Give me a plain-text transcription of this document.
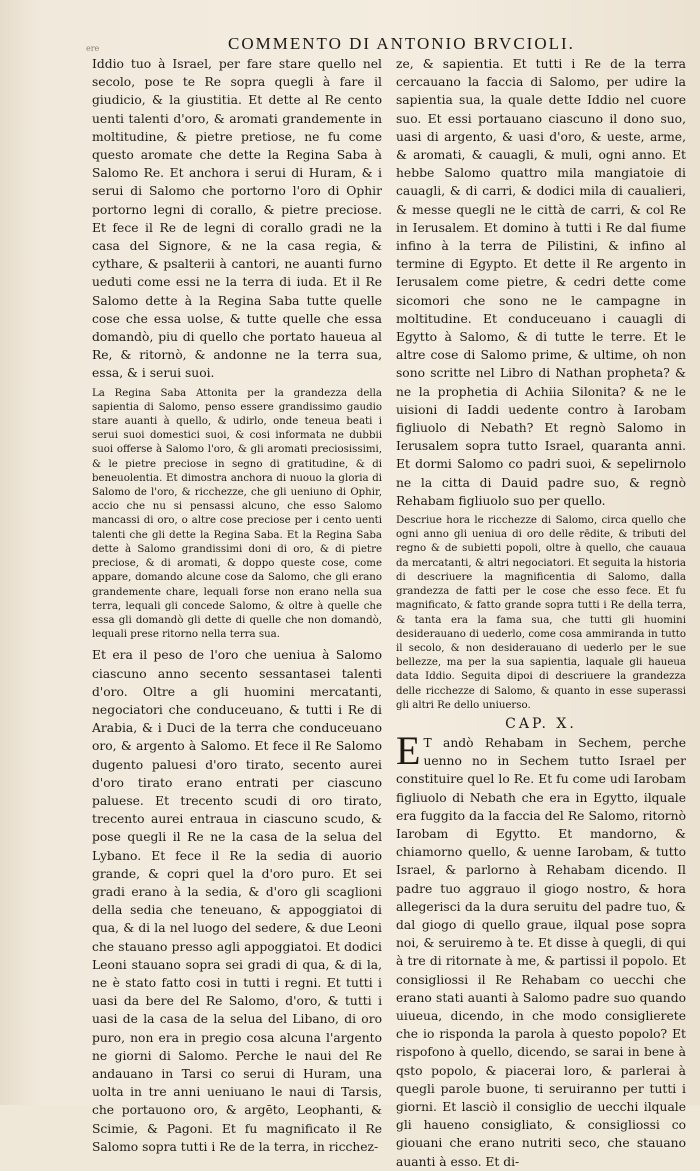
ere	COMMENTO DI ANTONIO BRVCIOLI.

Iddio tuo à Israel, per fare stare quello nel secolo, pose te Re sopra quegli à fare il giudicio, & la giustitia. Et dette al Re cento uenti talenti d'oro, & aromati grandemente in moltitudine, & pietre pretiose, ne fu come questo aromate che dette la Regina Saba à Salomo Re. Et anchora i serui di Huram, & i serui di Salomo che portorno l'oro di Ophir portorno legni di corallo, & pietre preciose. Et fece il Re de legni di corallo gradi ne la casa del Signore, & ne la casa regia, & cythare, & psalterii à cantori, ne auanti furno ueduti come essi ne la terra di iuda. Et il Re Salomo dette à la Regina Saba tutte quelle cose che essa uolse, & tutte quelle che essa domandò, piu di quello che portato haueua al Re, & ritornò, & andonne ne la terra sua, essa, & i serui suoi.

La Regina Saba Attonita per la grandezza della sapientia di Salomo, penso essere grandissimo gaudio stare auanti à quello, & udirlo, onde teneua beati i serui suoi domestici suoi, & cosi informata ne dubbii suoi offerse à Salomo l'oro, & gli aromati preciosissimi, & le pietre preciose in segno di gratitudine, & di beneuolentia. Et dimostra anchora di nuouo la gloria di Salomo de l'oro, & ricchezze, che gli ueniuno di Ophir, accio che nu si pensassi alcuno, che esso Salomo mancassi di oro, o altre cose preciose per i cento uenti talenti che gli dette la Regina Saba. Et la Regina Saba dette à Salomo grandissimi doni di oro, & di pietre preciose, & di aromati, & doppo queste cose, come appare, domando alcune cose da Salomo, che gli erano grandemente chare, lequali forse non erano nella sua terra, lequali gli concede Salomo, & oltre à quelle che essa gli domandò gli dette di quelle che non domandò, lequali prese ritorno nella terra sua.

Et era il peso de l'oro che ueniua à Salomo ciascuno anno secento sessantasei talenti d'oro. Oltre a gli huomini mercatanti, negociatori che conduceuano, & tutti i Re di Arabia, & i Duci de la terra che conduceuano oro, & argento à Salomo. Et fece il Re Salomo dugento paluesi d'oro tirato, secento aurei d'oro tirato erano entrati per ciascuno paluese. Et trecento scudi di oro tirato, trecento aurei entraua in ciascuno scudo, & pose quegli il Re ne la casa de la selua del Lybano. Et fece il Re la sedia di auorio grande, & copri quel la d'oro puro. Et sei gradi erano à la sedia, & d'oro gli scaglioni della sedia che teneuano, & appoggiatoi di qua, & di la nel luogo del sedere, & due Leoni che stauano presso agli appoggiatoi. Et dodici Leoni stauano sopra sei gradi di qua, & di la, ne è stato fatto cosi in tutti i regni. Et tutti i uasi da bere del Re Salomo, d'oro, & tutti i uasi de la casa de la selua del Libano, di oro puro, non era in pregio cosa alcuna l'argento ne giorni di Salomo. Perche le naui del Re andauano in Tarsi co serui di Huram, una uolta in tre anni ueniuano le naui di Tarsis, che portauono oro, & argēto, Leophanti, & Scimie, & Pagoni. Et fu magnificato il Re Salomo sopra tutti i Re de la terra, in ricchez-

ze, & sapientia. Et tutti i Re de la terra cercauano la faccia di Salomo, per udire la sapientia sua, la quale dette Iddio nel cuore suo. Et essi portauano ciascuno il dono suo, uasi di argento, & uasi d'oro, & ueste, arme, & aromati, & cauagli, & muli, ogni anno. Et hebbe Salomo quattro mila mangiatoie di cauagli, & di carri, & dodici mila di caualieri, & messe quegli ne le città de carri, & col Re in Ierusalem. Et domino à tutti i Re dal fiume infino à la terra de Pilistini, & infino al termine di Egypto. Et dette il Re argento in Ierusalem come pietre, & cedri dette come sicomori che sono ne le campagne in moltitudine. Et conduceuano i cauagli di Egytto à Salomo, & di tutte le terre. Et le altre cose di Salomo prime, & ultime, oh non sono scritte nel Libro di Nathan propheta? & ne la prophetia di Achiia Silonita? & ne le uisioni di Iaddi uedente contro à Iarobam figliuolo di Nebath? Et regnò Salomo in Ierusalem sopra tutto Israel, quaranta anni. Et dormi Salomo co padri suoi, & sepelirnolo ne la citta di Dauid padre suo, & regnò Rehabam figliuolo suo per quello.

Descriue hora le ricchezze di Salomo, circa quello che ogni anno gli ueniua di oro delle rēdite, & tributi del regno & de subietti popoli, oltre à quello, che cauaua da mercatanti, & altri negociatori. Et seguita la historia di descriuere la magnificentia di Salomo, dalla grandezza de fatti per le cose che esso fece. Et fu magnificato, & fatto grande sopra tutti i Re della terra, & tanta era la fama sua, che tutti gli huomini desiderauano di uederlo, come cosa ammiranda in tutto il secolo, & non desiderauano di uederlo per le sue bellezze, ma per la sua sapientia, laquale gli haueua data Iddio. Seguita dipoi di descriuere la grandezza delle ricchezze di Salomo, & quanto in esse superassi gli altri Re dello uniuerso.

CAP. X.

E T andò Rehabam in Sechem, perche uenno no in Sechem tutto Israel per constituire quel lo Re. Et fu come udi Iarobam figliuolo di Nebath che era in Egytto, ilquale era fuggito da la faccia del Re Salomo, ritornò Iarobam di Egytto. Et mandorno, & chiamorno quello, & uenne Iarobam, & tutto Israel, & parlorno à Rehabam dicendo. Il padre tuo aggrauo il giogo nostro, & hora allegerisci da la dura seruitu del padre tuo, & dal giogo di quello graue, ilqual pose sopra noi, & seruiremo à te. Et disse à quegli, di qui à tre di ritornate à me, & partissi il popolo. Et consigliossi il Re Rehabam co uecchi che erano stati auanti à Salomo padre suo quando uiueua, dicendo, in che modo consiglierete che io risponda la parola à questo popolo? Et rispofono à quello, dicendo, se sarai in bene à qsto popolo, & piacerai loro, & parlerai à quegli parole buone, ti seruiranno per tutti i giorni. Et lasciò il consiglio de uecchi ilquale gli haueno consigliato, & consigliossi co giouani che erano nutriti seco, che stauano auanti à esso. Et di-
